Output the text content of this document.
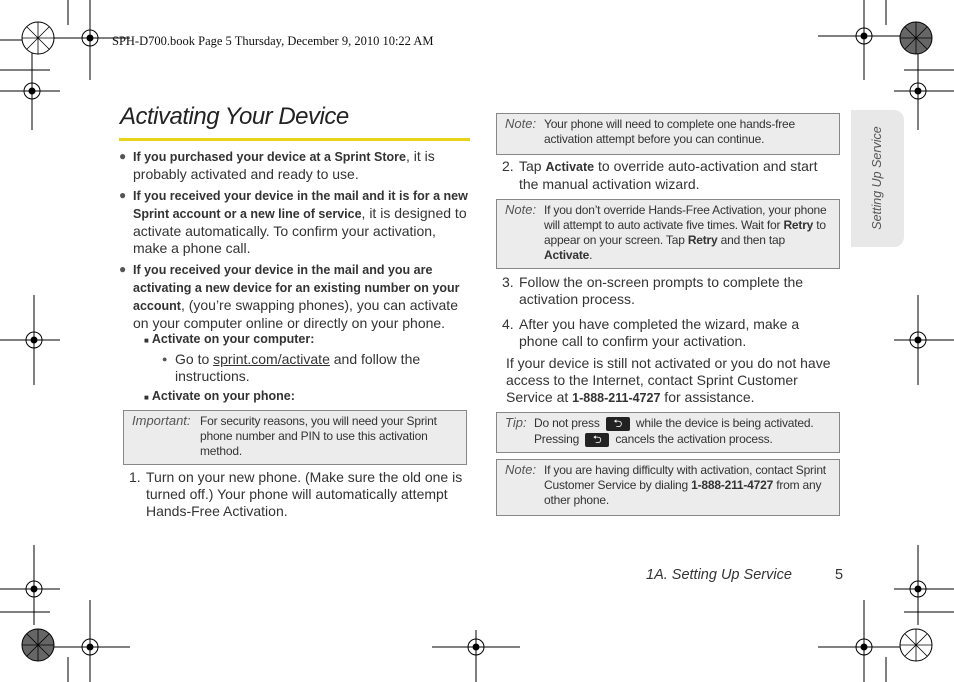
SPH-D700.book Page 5 Thursday, December 9, 2010 10:22 AM
Activating Your Device
● If you purchased your device at a Sprint Store, it is probably activated and ready to use.
● If you received your device in the mail and it is for a new Sprint account or a new line of service, it is designed to activate automatically. To confirm your activation, make a phone call.
● If you received your device in the mail and you are activating a new device for an existing number on your account, (you’re swapping phones), you can activate on your computer online or directly on your phone.
■ Activate on your computer:
● Go to sprint.com/activate and follow the instructions.
■ Activate on your phone:
Important: For security reasons, you will need your Sprint phone number and PIN to use this activation method.
1. Turn on your new phone. (Make sure the old one is turned off.) Your phone will automatically attempt Hands-Free Activation.
Note: Your phone will need to complete one hands-free activation attempt before you can continue.
2. Tap Activate to override auto-activation and start the manual activation wizard.
Note: If you don’t override Hands-Free Activation, your phone will attempt to auto activate five times. Wait for Retry to appear on your screen. Tap Retry and then tap Activate.
3. Follow the on-screen prompts to complete the activation process.
4. After you have completed the wizard, make a phone call to confirm your activation.
If your device is still not activated or you do not have access to the Internet, contact Sprint Customer Service at 1-888-211-4727 for assistance.
Tip: Do not press ⮌ while the device is being activated.
Pressing ⮌ cancels the activation process.
Note: If you are having difficulty with activation, contact Sprint Customer Service by dialing 1-888-211-4727 from any other phone.
Setting Up Service
1A. Setting Up Service	5
